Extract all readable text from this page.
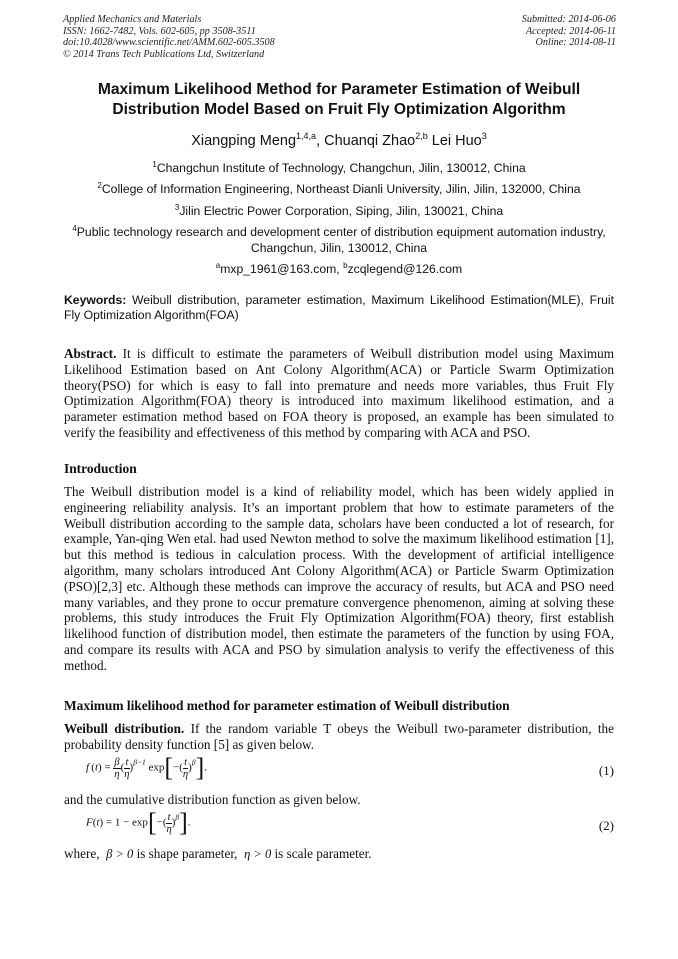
Applied Mechanics and Materials
ISSN: 1662-7482, Vols. 602-605, pp 3508-3511
doi:10.4028/www.scientific.net/AMM.602-605.3508
© 2014 Trans Tech Publications Ltd, Switzerland
Submitted: 2014-06-06
Accepted: 2014-06-11
Online: 2014-08-11
Maximum Likelihood Method for Parameter Estimation of Weibull
Distribution Model Based on Fruit Fly Optimization Algorithm
Xiangping Meng$^{1,4,a}$, Chuanqi Zhao$^{2,b}$ Lei Huo$^3$
$^1$Changchun Institute of Technology, Changchun, Jilin, 130012, China
$^2$College of Information Engineering, Northeast Dianli University, Jilin, Jilin, 132000, China
$^3$Jilin Electric Power Corporation, Siping, Jilin, 130021, China
$^4$Public technology research and development center of distribution equipment automation industry,
Changchun, Jilin, 130012, China
$^a$mxp_1961@163.com, $^b$zcqlegend@126.com
Keywords: Weibull distribution, parameter estimation, Maximum Likelihood Estimation(MLE), Fruit Fly Optimization Algorithm(FOA)
Abstract. It is difficult to estimate the parameters of Weibull distribution model using Maximum Likelihood Estimation based on Ant Colony Algorithm(ACA) or Particle Swarm Optimization theory(PSO) for which is easy to fall into premature and needs more variables, thus Fruit Fly Optimization Algorithm(FOA) theory is introduced into maximum likelihood estimation, and a parameter estimation method based on FOA theory is proposed, an example has been simulated to verify the feasibility and effectiveness of this method by comparing with ACA and PSO.
Introduction
The Weibull distribution model is a kind of reliability model, which has been widely applied in engineering reliability analysis. It’s an important problem that how to estimate parameters of the Weibull distribution according to the sample data, scholars have been conducted a lot of research, for example, Yan-qing Wen etal. had used Newton method to solve the maximum likelihood estimation [1], but this method is tedious in calculation process. With the development of artificial intelligence algorithm, many scholars introduced Ant Colony Algorithm(ACA) or Particle Swarm Optimization (PSO)[2,3] etc. Although these methods can improve the accuracy of results, but ACA and PSO need many variables, and they prone to occur premature convergence phenomenon, aiming at solving these problems, this study introduces the Fruit Fly Optimization Algorithm(FOA) theory, first establish likelihood function of distribution model, then estimate the parameters of the function by using FOA, and compare its results with ACA and PSO by simulation analysis to verify the effectiveness of this method.
Maximum likelihood method for parameter estimation of Weibull distribution
Weibull distribution. If the random variable T obeys the Weibull two-parameter distribution, the probability density function [5] as given below.
f $(t) = \frac{\beta}{\eta}$ ( $\frac{t}{\eta} )^{\beta-1}$ $\exp[-( \frac{t}{\eta} )^\beta]$.	(1)
and the cumulative distribution function as given below.
$F(t) = 1 - \exp[-( \frac{t}{\eta} )^\beta]$.	(2)
where, β > 0 is shape parameter, η > 0 is scale parameter.
